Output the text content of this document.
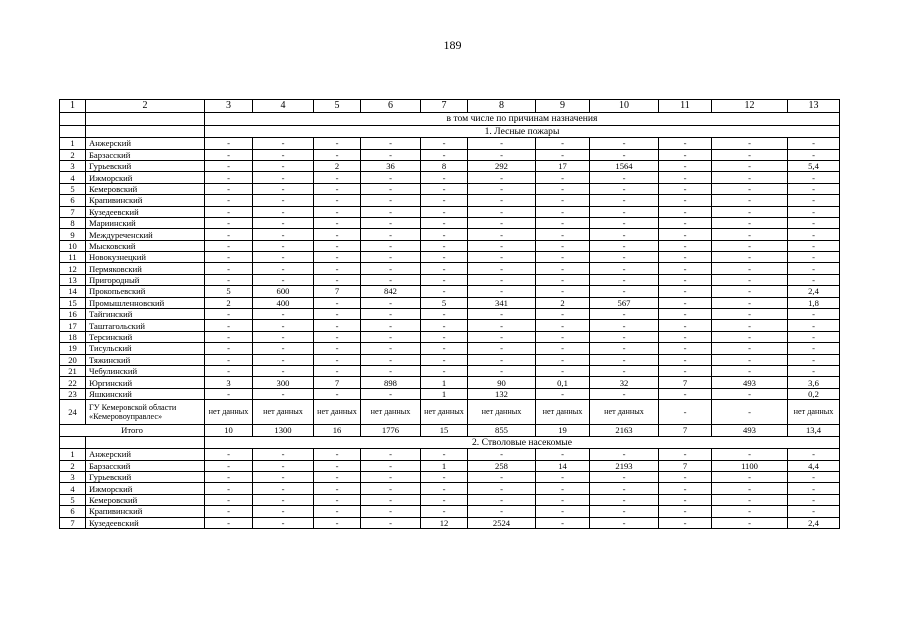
189
1	2	3	4	5	6	7	8	9	10	11	12	13
		в том числе по причинам назначения										
		1. Лесные пожары										
1	Анжерский	-	-	-	-	-	-	-	-	-	-	-
2	Барзасский	-	-	-	-	-	-	-	-	-	-	-
3	Гурьевский	-	-	2	36	8	292	17	1564	-	-	5,4
4	Ижморский	-	-	-	-	-	-	-	-	-	-	-
5	Кемеровский	-	-	-	-	-	-	-	-	-	-	-
6	Крапивинский	-	-	-	-	-	-	-	-	-	-	-
7	Кузедеевский	-	-	-	-	-	-	-	-	-	-	-
8	Мариинский	-	-	-	-	-	-	-	-	-	-	-
9	Междуреченский	-	-	-	-	-	-	-	-	-	-	-
10	Мысковский	-	-	-	-	-	-	-	-	-	-	-
11	Новокузнецкий	-	-	-	-	-	-	-	-	-	-	-
12	Пермяковский	-	-	-	-	-	-	-	-	-	-	-
13	Пригородный	-	-	-	-	-	-	-	-	-	-	-
14	Прокопьевский	5	600	7	842	-	-	-	-	-	-	2,4
15	Промышленновский	2	400	-	-	5	341	2	567	-	-	1,8
16	Тайгинский	-	-	-	-	-	-	-	-	-	-	-
17	Таштагольский	-	-	-	-	-	-	-	-	-	-	-
18	Терсинский	-	-	-	-	-	-	-	-	-	-	-
19	Тисульский	-	-	-	-	-	-	-	-	-	-	-
20	Тяжинский	-	-	-	-	-	-	-	-	-	-	-
21	Чебулинский	-	-	-	-	-	-	-	-	-	-	-
22	Юргинский	3	300	7	898	1	90	0,1	32	7	493	3,6
23	Яшкинский	-	-	-	-	1	132	-	-	-	-	0,2
24	ГУ Кемеровской области
«Кемеровоуправлес»	нет данных	нет данных	нет данных	нет данных	нет данных	нет данных	нет данных	нет данных	-	-	нет данных
Итого		10	1300	16	1776	15	855	19	2163	7	493	13,4
		2. Стволовые насекомые										
1	Анжерский	-	-	-	-	-	-	-	-	-	-	-
2	Барзасский	-	-	-	-	1	258	14	2193	7	1100	4,4
3	Гурьевский	-	-	-	-	-	-	-	-	-	-	-
4	Ижморский	-	-	-	-	-	-	-	-	-	-	-
5	Кемеровский	-	-	-	-	-	-	-	-	-	-	-
6	Крапивинский	-	-	-	-	-	-	-	-	-	-	-
7	Кузедеевский	-	-	-	-	12	2524	-	-	-	-	2,4
